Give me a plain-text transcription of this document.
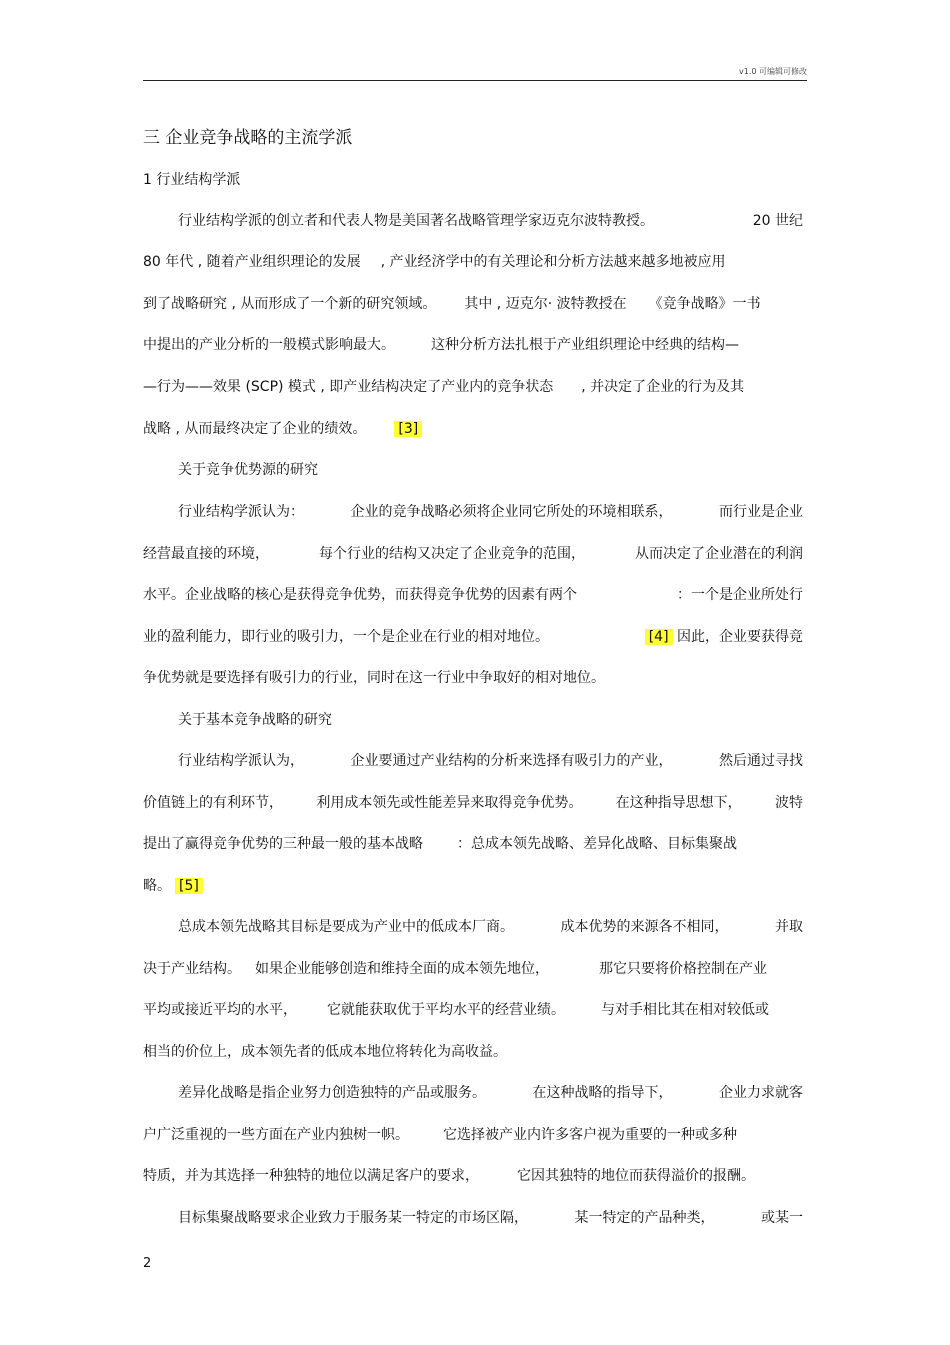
v1.0 可编辑可修改
三 企业竞争战略的主流学派
1 行业结构学派
行业结构学派的创立者和代表人物是美国著名战略管理学家迈克尔波特教授。	20 世纪
80 年代 , 随着产业组织理论的发展 , 产业经济学中的有关理论和分析方法越来越多地被应用
到了战略研究 , 从而形成了一个新的研究领域。 其中 , 迈克尔· 波特教授在 《竞争战略》一书
中提出的产业分析的一般模式影响最大。	这种分析方法扎根于产业组织理论中经典的结构—
—行为——效果 (SCP) 模式 , 即产业结构决定了产业内的竞争状态 , 并决定了企业的行为及其
战略 , 从而最终决定了企业的绩效。 [3]
关于竞争优势源的研究
行业结构学派认为：	企业的竞争战略必须将企业同它所处的环境相联系，	而行业是企业
经营最直接的环境，	每个行业的结构又决定了企业竞争的范围，	从而决定了企业潜在的利润
水平。企业战略的核心是获得竞争优势，而获得竞争优势的因素有两个	：一个是企业所处行
业的盈利能力，即行业的吸引力，一个是企业在行业的相对地位。	[4] 因此，企业要获得竞
争优势就是要选择有吸引力的行业，同时在这一行业中争取好的相对地位。
关于基本竞争战略的研究
行业结构学派认为，	企业要通过产业结构的分析来选择有吸引力的产业，	然后通过寻找
价值链上的有利环节， 利用成本领先或性能差异来取得竞争优势。 在这种指导思想下， 波特
提出了赢得竞争优势的三种最一般的基本战略 ：总成本领先战略、差异化战略、目标集聚战
略。 [5]
总成本领先战略其目标是要成为产业中的低成本厂商。	成本优势的来源各不相同，	并取
决于产业结构。 如果企业能够创造和维持全面的成本领先地位，	那它只要将价格控制在产业
平均或接近平均的水平， 它就能获取优于平均水平的经营业绩。	与对手相比其在相对较低或
相当的价位上，成本领先者的低成本地位将转化为高收益。
差异化战略是指企业努力创造独特的产品或服务。	在这种战略的指导下，	企业力求就客
户广泛重视的一些方面在产业内独树一帜。 它选择被产业内许多客户视为重要的一种或多种
特质，并为其选择一种独特的地位以满足客户的要求，	它因其独特的地位而获得溢价的报酬。
目标集聚战略要求企业致力于服务某一特定的市场区隔，	某一特定的产品种类，	或某一
2
